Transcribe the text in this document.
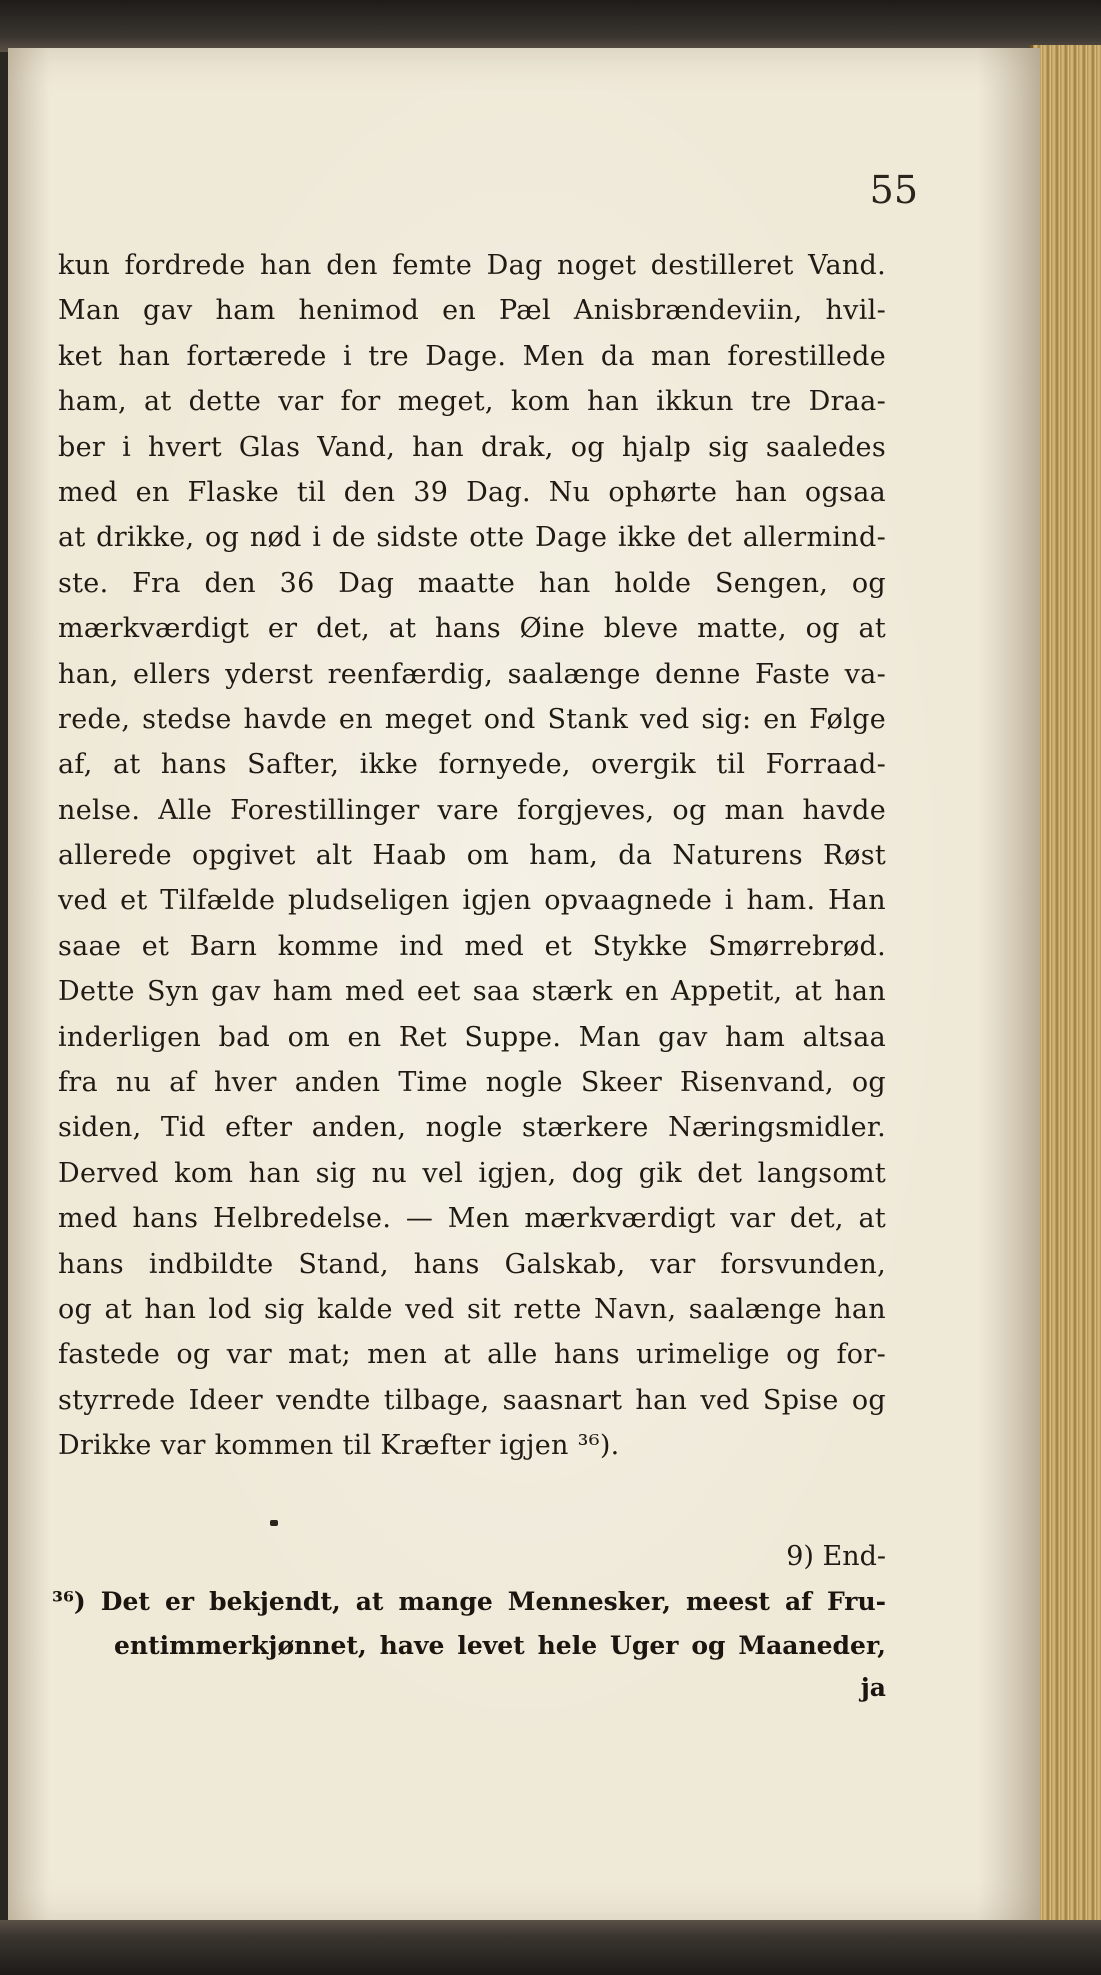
55
kun fordrede han den femte Dag noget destilleret Vand.
Man gav ham henimod en Pæl Anisbrændeviin, hvil-
ket han fortærede i tre Dage. Men da man forestillede
ham, at dette var for meget, kom han ikkun tre Draa-
ber i hvert Glas Vand, han drak, og hjalp sig saaledes
med en Flaske til den 39 Dag. Nu ophørte han ogsaa
at drikke, og nød i de sidste otte Dage ikke det allermind-
ste. Fra den 36 Dag maatte han holde Sengen, og
mærkværdigt er det, at hans Øine bleve matte, og at
han, ellers yderst reenfærdig, saalænge denne Faste va-
rede, stedse havde en meget ond Stank ved sig: en Følge
af, at hans Safter, ikke fornyede, overgik til Forraad-
nelse. Alle Forestillinger vare forgjeves, og man havde
allerede opgivet alt Haab om ham, da Naturens Røst
ved et Tilfælde pludseligen igjen opvaagnede i ham. Han
saae et Barn komme ind med et Stykke Smørrebrød.
Dette Syn gav ham med eet saa stærk en Appetit, at han
inderligen bad om en Ret Suppe. Man gav ham altsaa
fra nu af hver anden Time nogle Skeer Risenvand, og
siden, Tid efter anden, nogle stærkere Næringsmidler.
Derved kom han sig nu vel igjen, dog gik det langsomt
med hans Helbredelse. — Men mærkværdigt var det, at
hans indbildte Stand, hans Galskab, var forsvunden,
og at han lod sig kalde ved sit rette Navn, saalænge han
fastede og var mat; men at alle hans urimelige og for-
styrrede Ideer vendte tilbage, saasnart han ved Spise og
Drikke var kommen til Kræfter igjen ³⁶).
9) End-
³⁶) Det er bekjendt, at mange Mennesker, meest af Fru-
entimmerkjønnet, have levet hele Uger og Maaneder,
ja
